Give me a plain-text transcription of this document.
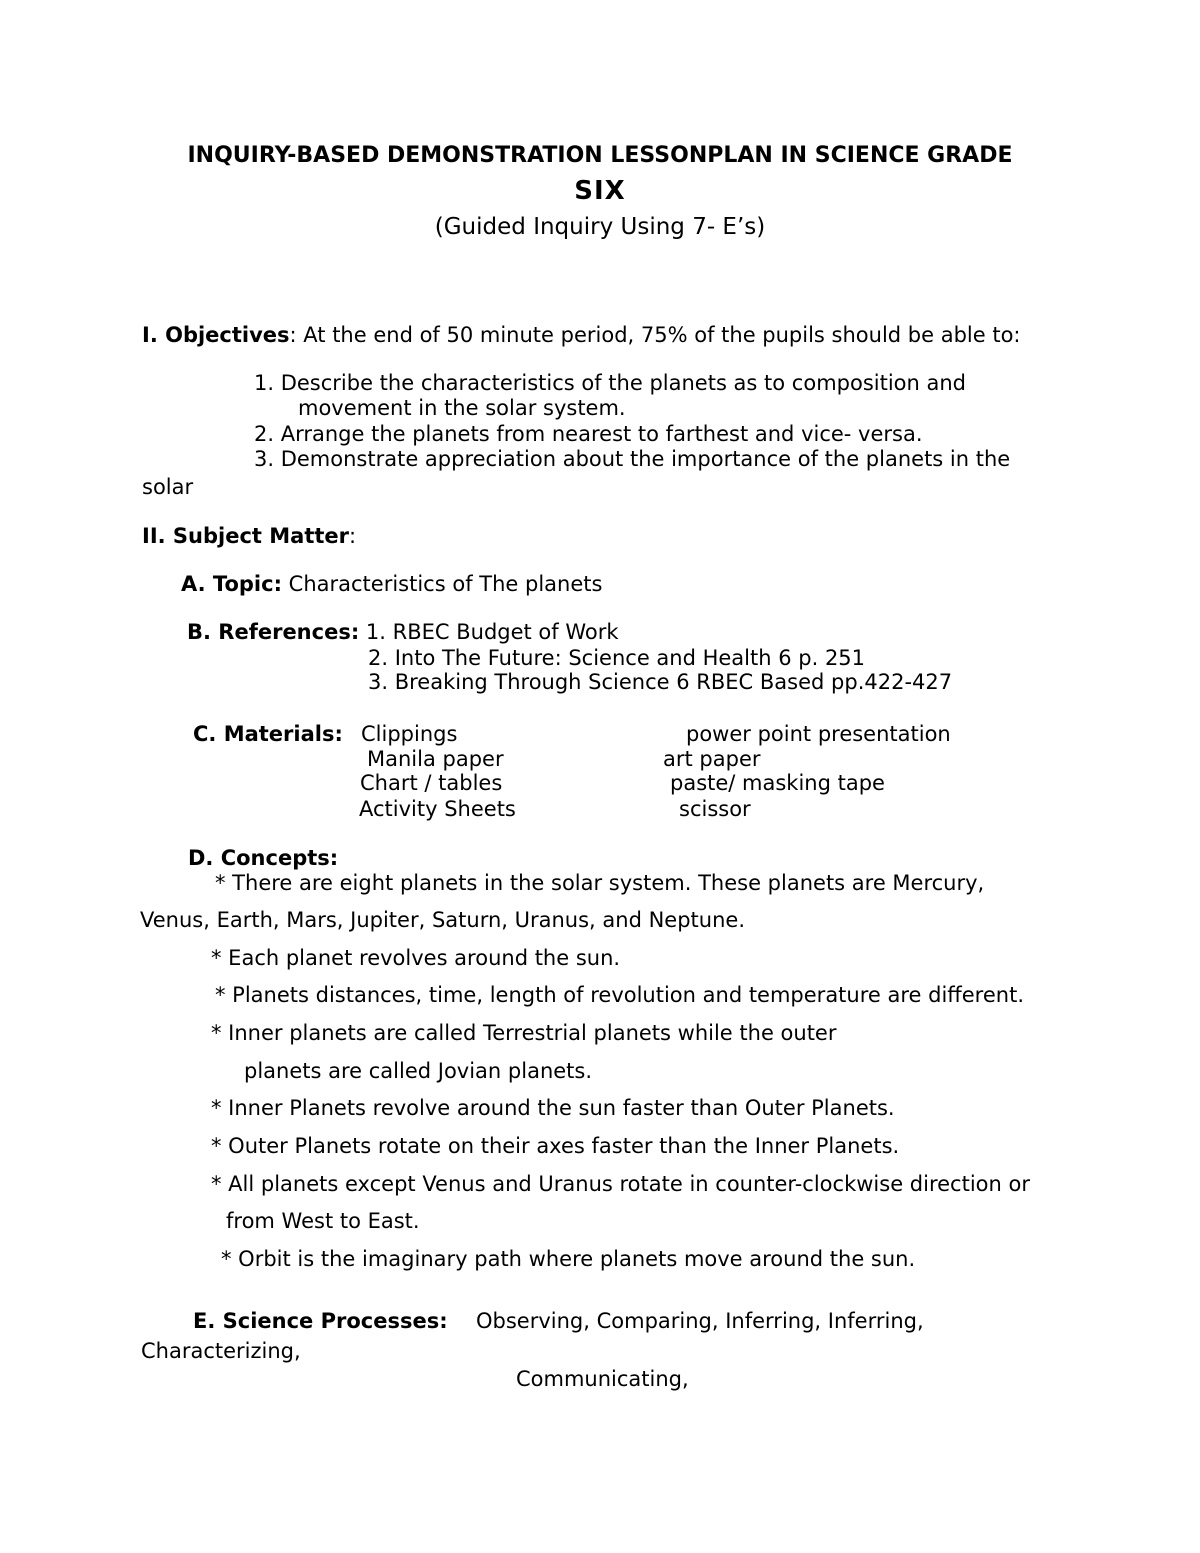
INQUIRY-BASED DEMONSTRATION LESSONPLAN IN SCIENCE GRADE
SIX
(Guided Inquiry Using 7- E’s)
I. Objectives: At the end of 50 minute period, 75% of the pupils should be able to:
1. Describe the characteristics of the planets as to composition and
movement in the solar system.
2. Arrange the planets from nearest to farthest and vice- versa.
3. Demonstrate appreciation about the importance of the planets in the
solar
II. Subject Matter:
A. Topic: Characteristics of The planets
B. References: 1. RBEC Budget of Work
2. Into The Future: Science and Health 6 p. 251
3. Breaking Through Science 6 RBEC Based pp.422-427
C. Materials: Clippings
Manila paper
Chart / tables
Activity Sheets
power point presentation
art paper
paste/ masking tape
scissor
D. Concepts:
* There are eight planets in the solar system. These planets are Mercury,
Venus, Earth, Mars, Jupiter, Saturn, Uranus, and Neptune.
* Each planet revolves around the sun.
* Planets distances, time, length of revolution and temperature are different.
* Inner planets are called Terrestrial planets while the outer
planets are called Jovian planets.
* Inner Planets revolve around the sun faster than Outer Planets.
* Outer Planets rotate on their axes faster than the Inner Planets.
* All planets except Venus and Uranus rotate in counter-clockwise direction or
from West to East.
* Orbit is the imaginary path where planets move around the sun.
E. Science Processes: Observing, Comparing, Inferring, Inferring,
Characterizing,
Communicating,
